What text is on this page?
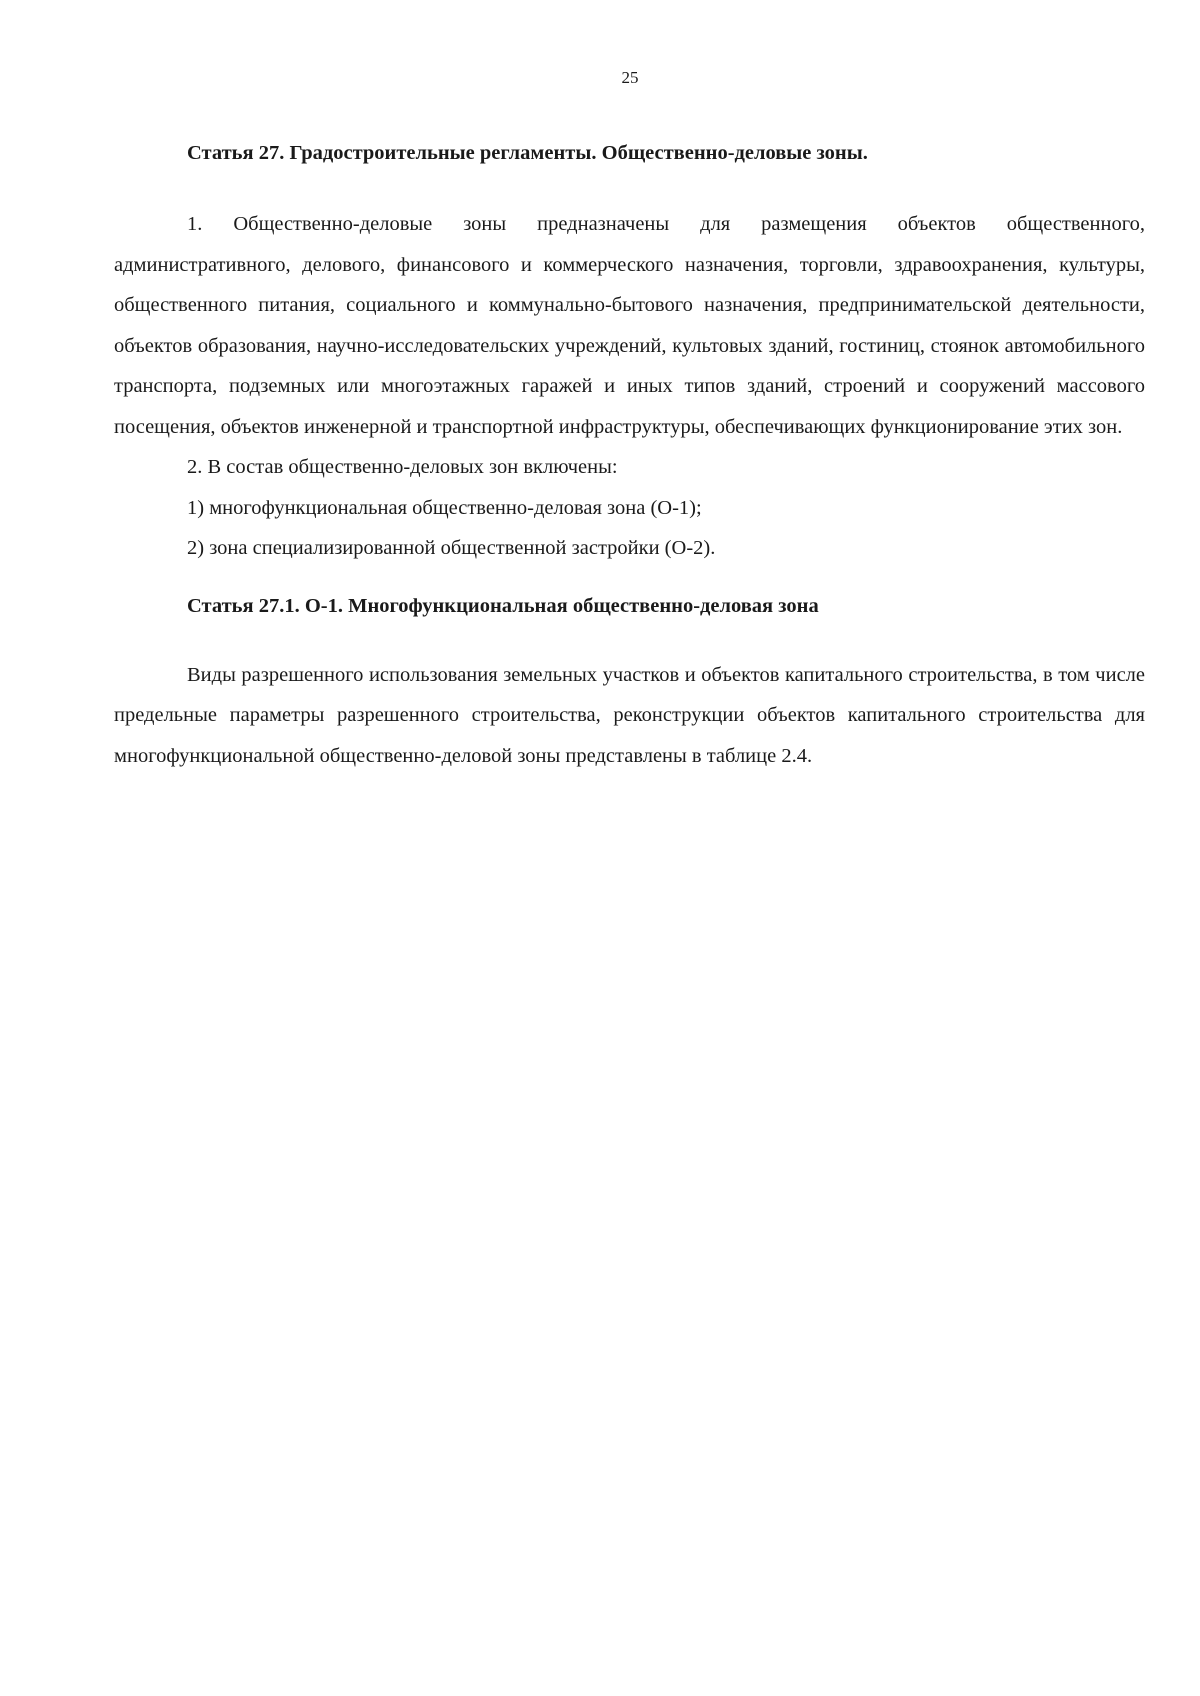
25
Статья 27. Градостроительные регламенты. Общественно-деловые зоны.

1. Общественно-деловые зоны предназначены для размещения объектов общественного, административного, делового, финансового и коммерческого назначения, торговли, здравоохранения, культуры, общественного питания, социального и коммунально-бытового назначения, предпринимательской деятельности, объектов образования, научно-исследовательских учреждений, культовых зданий, гостиниц, стоянок автомобильного транспорта, подземных или многоэтажных гаражей и иных типов зданий, строений и сооружений массового посещения, объектов инженерной и транспортной инфраструктуры, обеспечивающих функционирование этих зон.

2. В состав общественно-деловых зон включены:

1) многофункциональная общественно-деловая зона (О-1);

2) зона специализированной общественной застройки (О-2).

Статья 27.1. О-1. Многофункциональная общественно-деловая зона

Виды разрешенного использования земельных участков и объектов капитального строительства, в том числе предельные параметры разрешенного строительства, реконструкции объектов капитального строительства для многофункциональной общественно-деловой зоны представлены в таблице 2.4.
